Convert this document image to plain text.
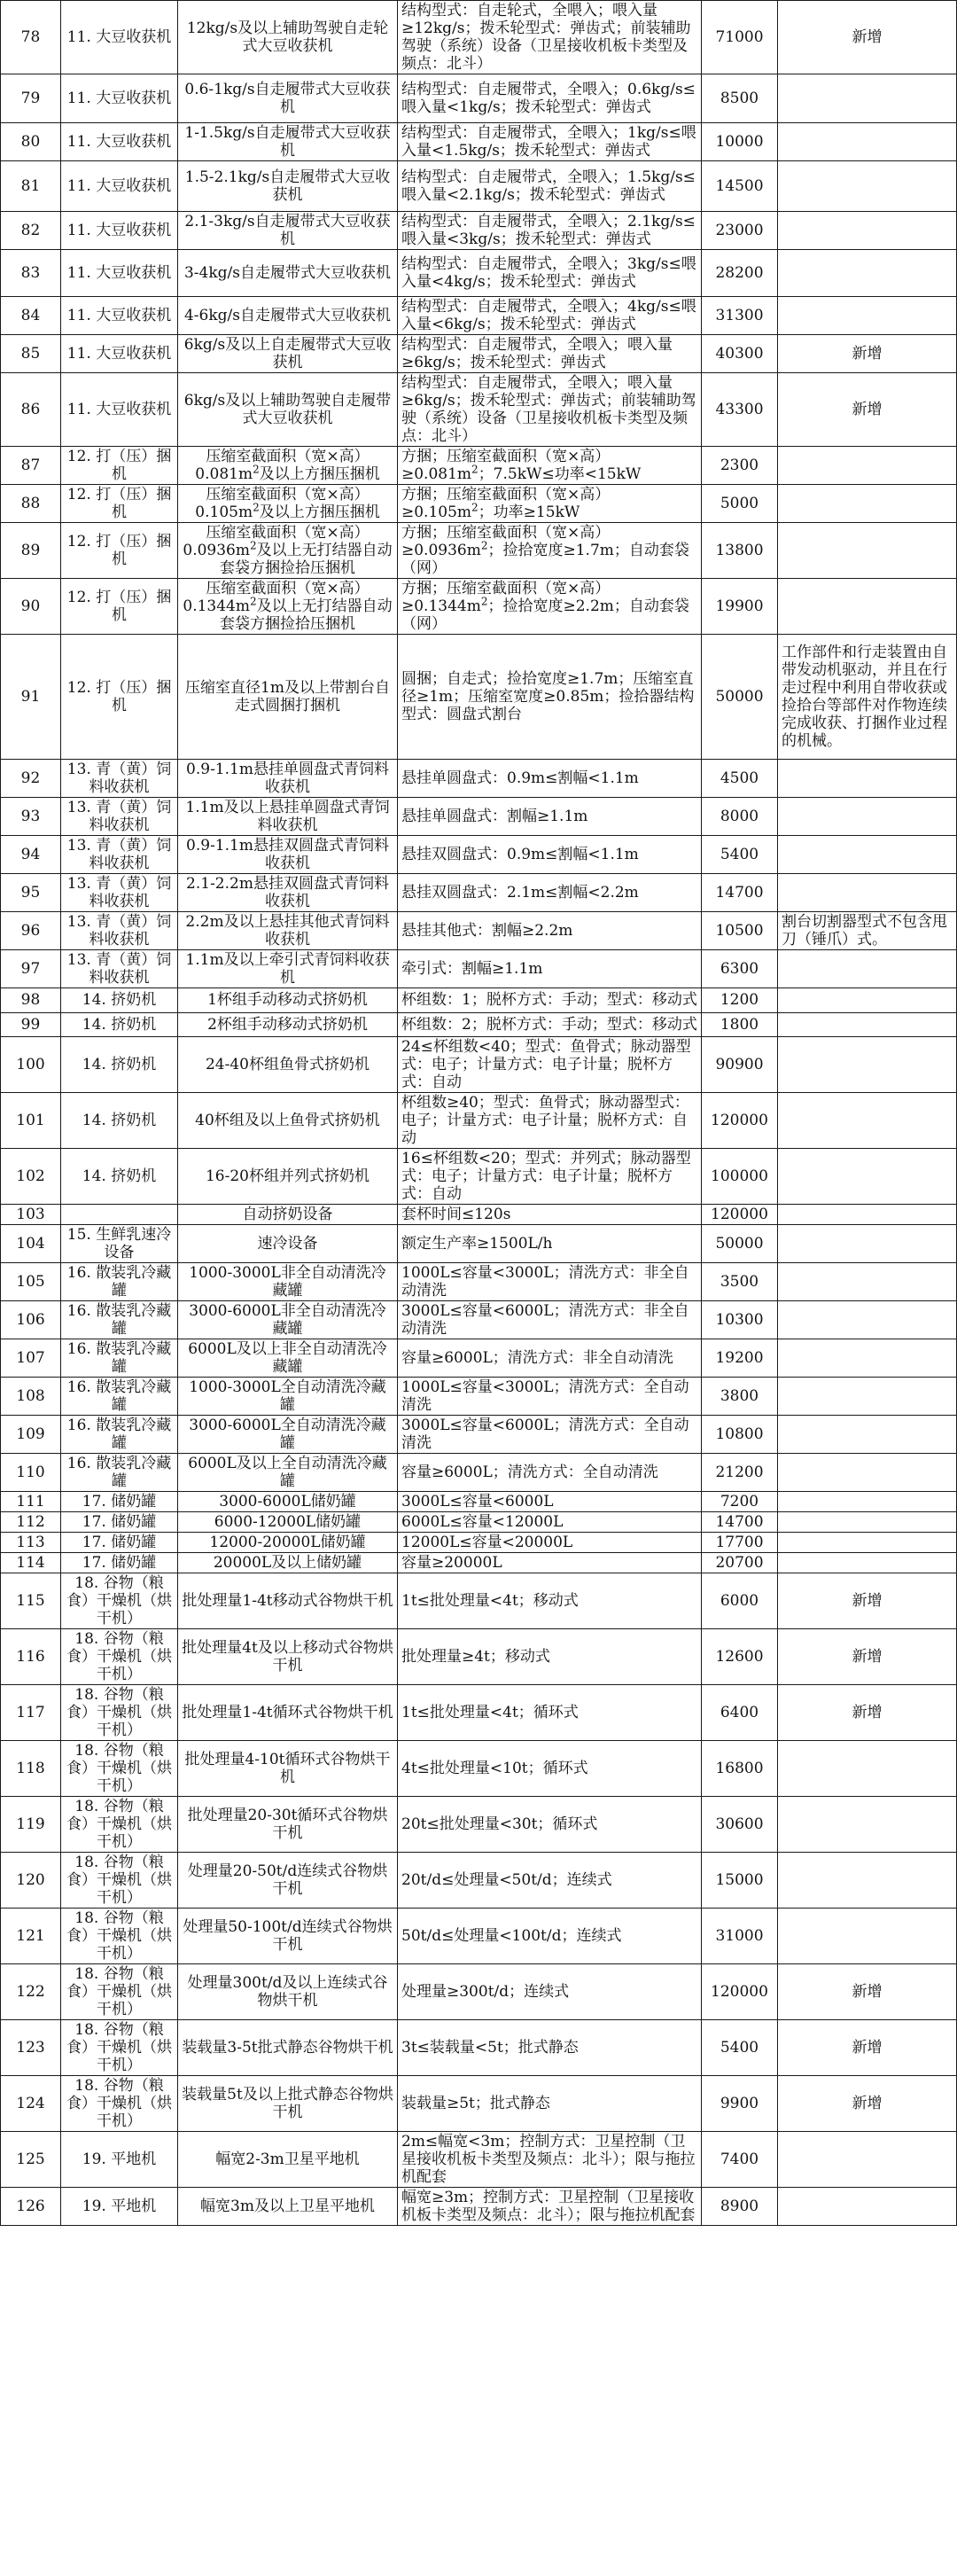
78	11. 大豆收获机	12kg/s及以上辅助驾驶自走轮式大豆收获机	结构型式：自走轮式，全喂入；喂入量≥12kg/s；拨禾轮型式：弹齿式；前装辅助驾驶（系统）设备（卫星接收机板卡类型及频点：北斗）	71000	新增
79	11. 大豆收获机	0.6-1kg/s自走履带式大豆收获机	结构型式：自走履带式，全喂入；0.6kg/s≤喂入量<1kg/s；拨禾轮型式：弹齿式	8500	
80	11. 大豆收获机	1-1.5kg/s自走履带式大豆收获机	结构型式：自走履带式，全喂入；1kg/s≤喂入量<1.5kg/s；拨禾轮型式：弹齿式	10000	
81	11. 大豆收获机	1.5-2.1kg/s自走履带式大豆收获机	结构型式：自走履带式，全喂入；1.5kg/s≤喂入量<2.1kg/s；拨禾轮型式：弹齿式	14500	
82	11. 大豆收获机	2.1-3kg/s自走履带式大豆收获机	结构型式：自走履带式，全喂入；2.1kg/s≤喂入量<3kg/s；拨禾轮型式：弹齿式	23000	
83	11. 大豆收获机	3-4kg/s自走履带式大豆收获机	结构型式：自走履带式，全喂入；3kg/s≤喂入量<4kg/s；拨禾轮型式：弹齿式	28200	
84	11. 大豆收获机	4-6kg/s自走履带式大豆收获机	结构型式：自走履带式，全喂入；4kg/s≤喂入量<6kg/s；拨禾轮型式：弹齿式	31300	
85	11. 大豆收获机	6kg/s及以上自走履带式大豆收获机	结构型式：自走履带式，全喂入；喂入量≥6kg/s；拨禾轮型式：弹齿式	40300	新增
86	11. 大豆收获机	6kg/s及以上辅助驾驶自走履带式大豆收获机	结构型式：自走履带式，全喂入；喂入量≥6kg/s；拨禾轮型式：弹齿式；前装辅助驾驶（系统）设备（卫星接收机板卡类型及频点：北斗）	43300	新增
87	12. 打（压）捆机	压缩室截面积（宽×高）$0.081m^2$及以上方捆压捆机	方捆；压缩室截面积（宽×高）$\ge 0.081m^2$；7.5kW≤功率<15kW	2300	
88	12. 打（压）捆机	压缩室截面积（宽×高）$0.105m^2$及以上方捆压捆机	方捆；压缩室截面积（宽×高）$\ge 0.105m^2$；功率≥15kW	5000	
89	12. 打（压）捆机	压缩室截面积（宽×高）$0.0936m^2$及以上无打结器自动套袋方捆捡拾压捆机	方捆；压缩室截面积（宽×高）$\ge 0.0936m^2$；捡拾宽度≥1.7m；自动套袋（网）	13800	
90	12. 打（压）捆机	压缩室截面积（宽×高）$0.1344m^2$及以上无打结器自动套袋方捆捡拾压捆机	方捆；压缩室截面积（宽×高）$\ge 0.1344m^2$；捡拾宽度≥2.2m；自动套袋（网）	19900	
91	12. 打（压）捆机	压缩室直径1m及以上带割台自走式圆捆打捆机	圆捆；自走式；捡拾宽度≥1.7m；压缩室直径≥1m；压缩室宽度≥0.85m；捡拾器结构型式：圆盘式割台	50000	工作部件和行走装置由自带发动机驱动，并且在行走过程中利用自带收获或捡拾台等部件对作物连续完成收获、打捆作业过程的机械。
92	13. 青（黄）饲料收获机	0.9-1.1m悬挂单圆盘式青饲料收获机	悬挂单圆盘式：0.9m≤割幅<1.1m	4500	
93	13. 青（黄）饲料收获机	1.1m及以上悬挂单圆盘式青饲料收获机	悬挂单圆盘式：割幅≥1.1m	8000	
94	13. 青（黄）饲料收获机	0.9-1.1m悬挂双圆盘式青饲料收获机	悬挂双圆盘式：0.9m≤割幅<1.1m	5400	
95	13. 青（黄）饲料收获机	2.1-2.2m悬挂双圆盘式青饲料收获机	悬挂双圆盘式：2.1m≤割幅<2.2m	14700	
96	13. 青（黄）饲料收获机	2.2m及以上悬挂其他式青饲料收获机	悬挂其他式：割幅≥2.2m	10500	割台切割器型式不包含甩刀（锤爪）式。
97	13. 青（黄）饲料收获机	1.1m及以上牵引式青饲料收获机	牵引式：割幅≥1.1m	6300	
98	14. 挤奶机	1杯组手动移动式挤奶机	杯组数：1；脱杯方式：手动；型式：移动式	1200	
99	14. 挤奶机	2杯组手动移动式挤奶机	杯组数：2；脱杯方式：手动；型式：移动式	1800	
100	14. 挤奶机	24-40杯组鱼骨式挤奶机	24≤杯组数<40；型式：鱼骨式；脉动器型式：电子；计量方式：电子计量；脱杯方式：自动	90900	
101	14. 挤奶机	40杯组及以上鱼骨式挤奶机	杯组数≥40；型式：鱼骨式；脉动器型式：电子；计量方式：电子计量；脱杯方式：自动	120000	
102	14. 挤奶机	16-20杯组并列式挤奶机	16≤杯组数<20；型式：并列式；脉动器型式：电子；计量方式：电子计量；脱杯方式：自动	100000	
103		自动挤奶设备	套杯时间≤120s	120000	
104	15. 生鲜乳速冷设备	速冷设备	额定生产率≥1500L/h	50000	
105	16. 散装乳冷藏罐	1000-3000L非全自动清洗冷藏罐	1000L≤容量<3000L；清洗方式：非全自动清洗	3500	
106	16. 散装乳冷藏罐	3000-6000L非全自动清洗冷藏罐	3000L≤容量<6000L；清洗方式：非全自动清洗	10300	
107	16. 散装乳冷藏罐	6000L及以上非全自动清洗冷藏罐	容量≥6000L；清洗方式：非全自动清洗	19200	
108	16. 散装乳冷藏罐	1000-3000L全自动清洗冷藏罐	1000L≤容量<3000L；清洗方式：全自动清洗	3800	
109	16. 散装乳冷藏罐	3000-6000L全自动清洗冷藏罐	3000L≤容量<6000L；清洗方式：全自动清洗	10800	
110	16. 散装乳冷藏罐	6000L及以上全自动清洗冷藏罐	容量≥6000L；清洗方式：全自动清洗	21200	
111	17. 储奶罐	3000-6000L储奶罐	3000L≤容量<6000L	7200	
112	17. 储奶罐	6000-12000L储奶罐	6000L≤容量<12000L	14700	
113	17. 储奶罐	12000-20000L储奶罐	12000L≤容量<20000L	17700	
114	17. 储奶罐	20000L及以上储奶罐	容量≥20000L	20700	
115	18. 谷物（粮食）干燥机（烘干机）	批处理量1-4t移动式谷物烘干机	1t≤批处理量<4t；移动式	6000	新增
116	18. 谷物（粮食）干燥机（烘干机）	批处理量4t及以上移动式谷物烘干机	批处理量≥4t；移动式	12600	新增
117	18. 谷物（粮食）干燥机（烘干机）	批处理量1-4t循环式谷物烘干机	1t≤批处理量<4t；循环式	6400	新增
118	18. 谷物（粮食）干燥机（烘干机）	批处理量4-10t循环式谷物烘干机	4t≤批处理量<10t；循环式	16800	
119	18. 谷物（粮食）干燥机（烘干机）	批处理量20-30t循环式谷物烘干机	20t≤批处理量<30t；循环式	30600	
120	18. 谷物（粮食）干燥机（烘干机）	处理量20-50t/d连续式谷物烘干机	20t/d≤处理量<50t/d；连续式	15000	
121	18. 谷物（粮食）干燥机（烘干机）	处理量50-100t/d连续式谷物烘干机	50t/d≤处理量<100t/d；连续式	31000	
122	18. 谷物（粮食）干燥机（烘干机）	处理量300t/d及以上连续式谷物烘干机	处理量≥300t/d；连续式	120000	新增
123	18. 谷物（粮食）干燥机（烘干机）	装载量3-5t批式静态谷物烘干机	3t≤装载量<5t；批式静态	5400	新增
124	18. 谷物（粮食）干燥机（烘干机）	装载量5t及以上批式静态谷物烘干机	装载量≥5t；批式静态	9900	新增
125	19. 平地机	幅宽2-3m卫星平地机	2m≤幅宽<3m；控制方式：卫星控制（卫星接收机板卡类型及频点：北斗）；限与拖拉机配套	7400	
126	19. 平地机	幅宽3m及以上卫星平地机	幅宽≥3m；控制方式：卫星控制（卫星接收机板卡类型及频点：北斗）；限与拖拉机配套	8900	
